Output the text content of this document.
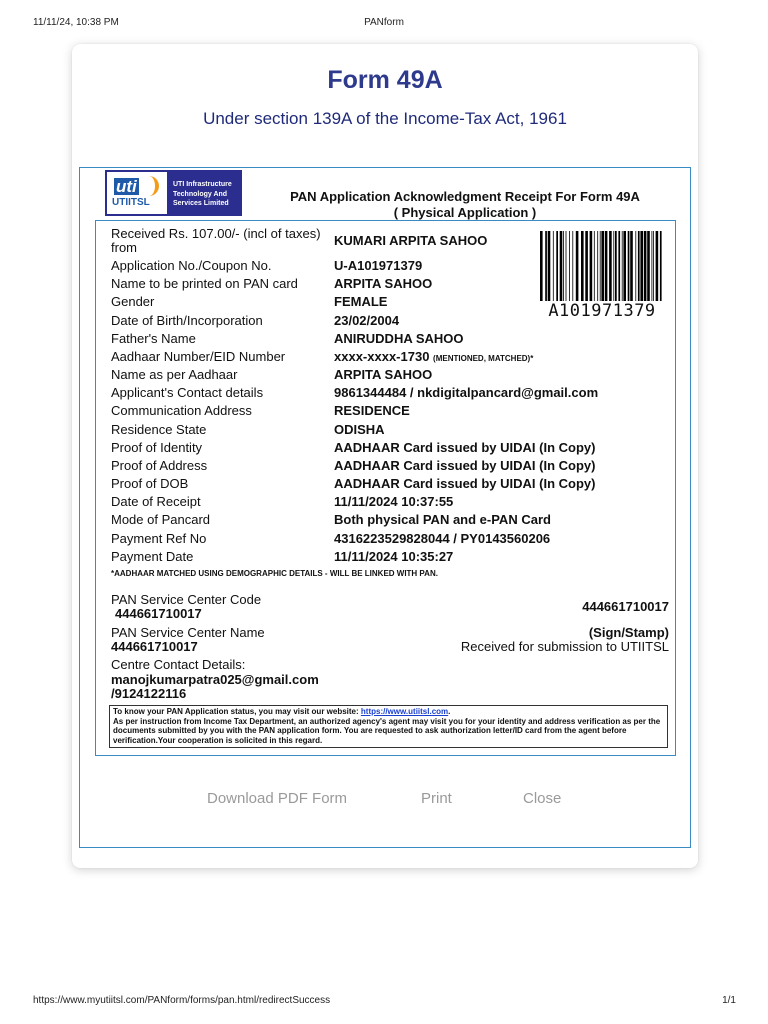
11/11/24, 10:38 PM	PANform
Form 49A
Under section 139A of the Income-Tax Act, 1961
uti
UTIITSL
UTI Infrastructure Technology And Services Limited	PAN Application Acknowledgment Receipt For Form 49A
( Physical Application )
Received Rs. 107.00/- (incl of taxes)
from	KUMARI ARPITA SAHOO
Application No./Coupon No.	U-A101971379
Name to be printed on PAN card	ARPITA SAHOO
Gender	FEMALE
Date of Birth/Incorporation	23/02/2004
Father's Name	ANIRUDDHA SAHOO
Aadhaar Number/EID Number	xxxx-xxxx-1730 (MENTIONED, MATCHED)*
Name as per Aadhaar	ARPITA SAHOO
Applicant's Contact details	9861344484 / nkdigitalpancard@gmail.com
Communication Address	RESIDENCE
Residence State	ODISHA
Proof of Identity	AADHAAR Card issued by UIDAI (In Copy)
Proof of Address	AADHAAR Card issued by UIDAI (In Copy)
Proof of DOB	AADHAAR Card issued by UIDAI (In Copy)
Date of Receipt	11/11/2024 10:37:55
Mode of Pancard	Both physical PAN and e-PAN Card
Payment Ref No	4316223529828044 / PY0143560206
Payment Date	11/11/2024 10:35:27
A101971379
*AADHAAR MATCHED USING DEMOGRAPHIC DETAILS - WILL BE LINKED WITH PAN.
PAN Service Center Code
444661710017	444661710017
PAN Service Center Name
444661710017
(Sign/Stamp)
Received for submission to UTIITSL
Centre Contact Details:
manojkumarpatra025@gmail.com
/9124122116
To know your PAN Application status, you may visit our website: https://www.utiitsl.com.
As per instruction from Income Tax Department, an authorized agency's agent may visit you for your identity and address verification as per the documents submitted by you with the PAN application form. You are requested to ask authorization letter/ID card from the agent before verification.Your cooperation is solicited in this regard.
Download PDF Form	Print	Close
https://www.myutiitsl.com/PANform/forms/pan.html/redirectSuccess	1/1
